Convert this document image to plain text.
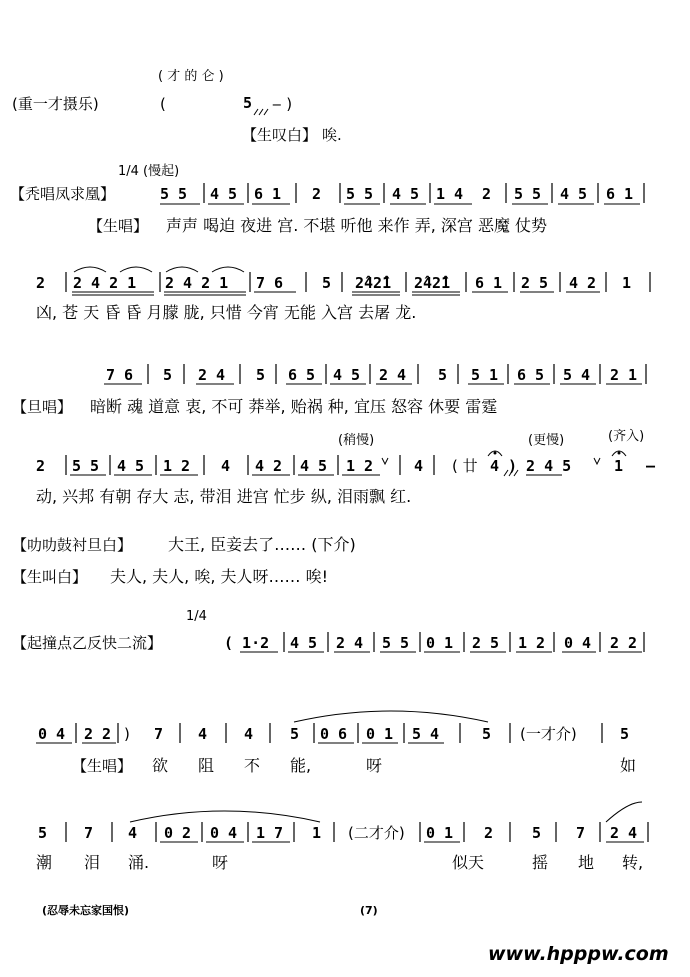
( 才 的 仑 )
(重一才摄乐)	(	5 ‒ )
【生叹白】 唉.
1/4 (慢起)
【秃唱凤求凰】	5 5 4 5 6 1 2 5 5 4 5 1 4 2 5 5 4 5 6 1
【生唱】 声声 喝迫 夜进 宫. 不堪 听他 来作 弄, 深宫 恶魔 仗势
2 2 4 2 1 2 4 2 1 7 6	5 2̂42̂1 2̂42̂1 6 1 2 5 4 2 1
凶, 苍 天 昏 昏 月朦 胧, 只惜 今宵 无能 入宫 去屠 龙.
7 6 5 2 4 5 6 5 4 5 2 4 5 5 1 6 5 5 4 2 1
【旦唱】 暗断 魂 道意 衷, 不可 莽举, 贻祸 种, 宜压 怒容 休要 雷霆
(稍慢)	(更慢)	(齐入)
2 5 5 4 5 1 2 4 4 2 4 5 1 2	4 ( 廿 4 ) 2 4 5	1 ‒
动, 兴邦 有朝 存大 志, 带泪 进宫 忙步 纵, 泪雨飘 红.
【叻叻鼓衬旦白】 大王, 臣妾去了…… (下介)
【生叫白】 夫人, 夫人, 唉, 夫人呀…… 唉!
1/4
【起撞点乙反快二流】	( 1·2 4 5 2 4 5 5 0 1 2 5 1 2 0 4 2 2
0 4 2 2 ) 7 4 4 5 0 6 0 1 5 4	5 (一才介)	5
【生唱】 欲 阻 不 能,	呀	如
5 7 4 0 2 0 4 1 7 1 (二才介) 0 1 2	5 7 2 4
潮 泪 涌.	呀	似天	摇 地 转,
(忍辱未忘家国恨)	(7)
www.hpppw.com
